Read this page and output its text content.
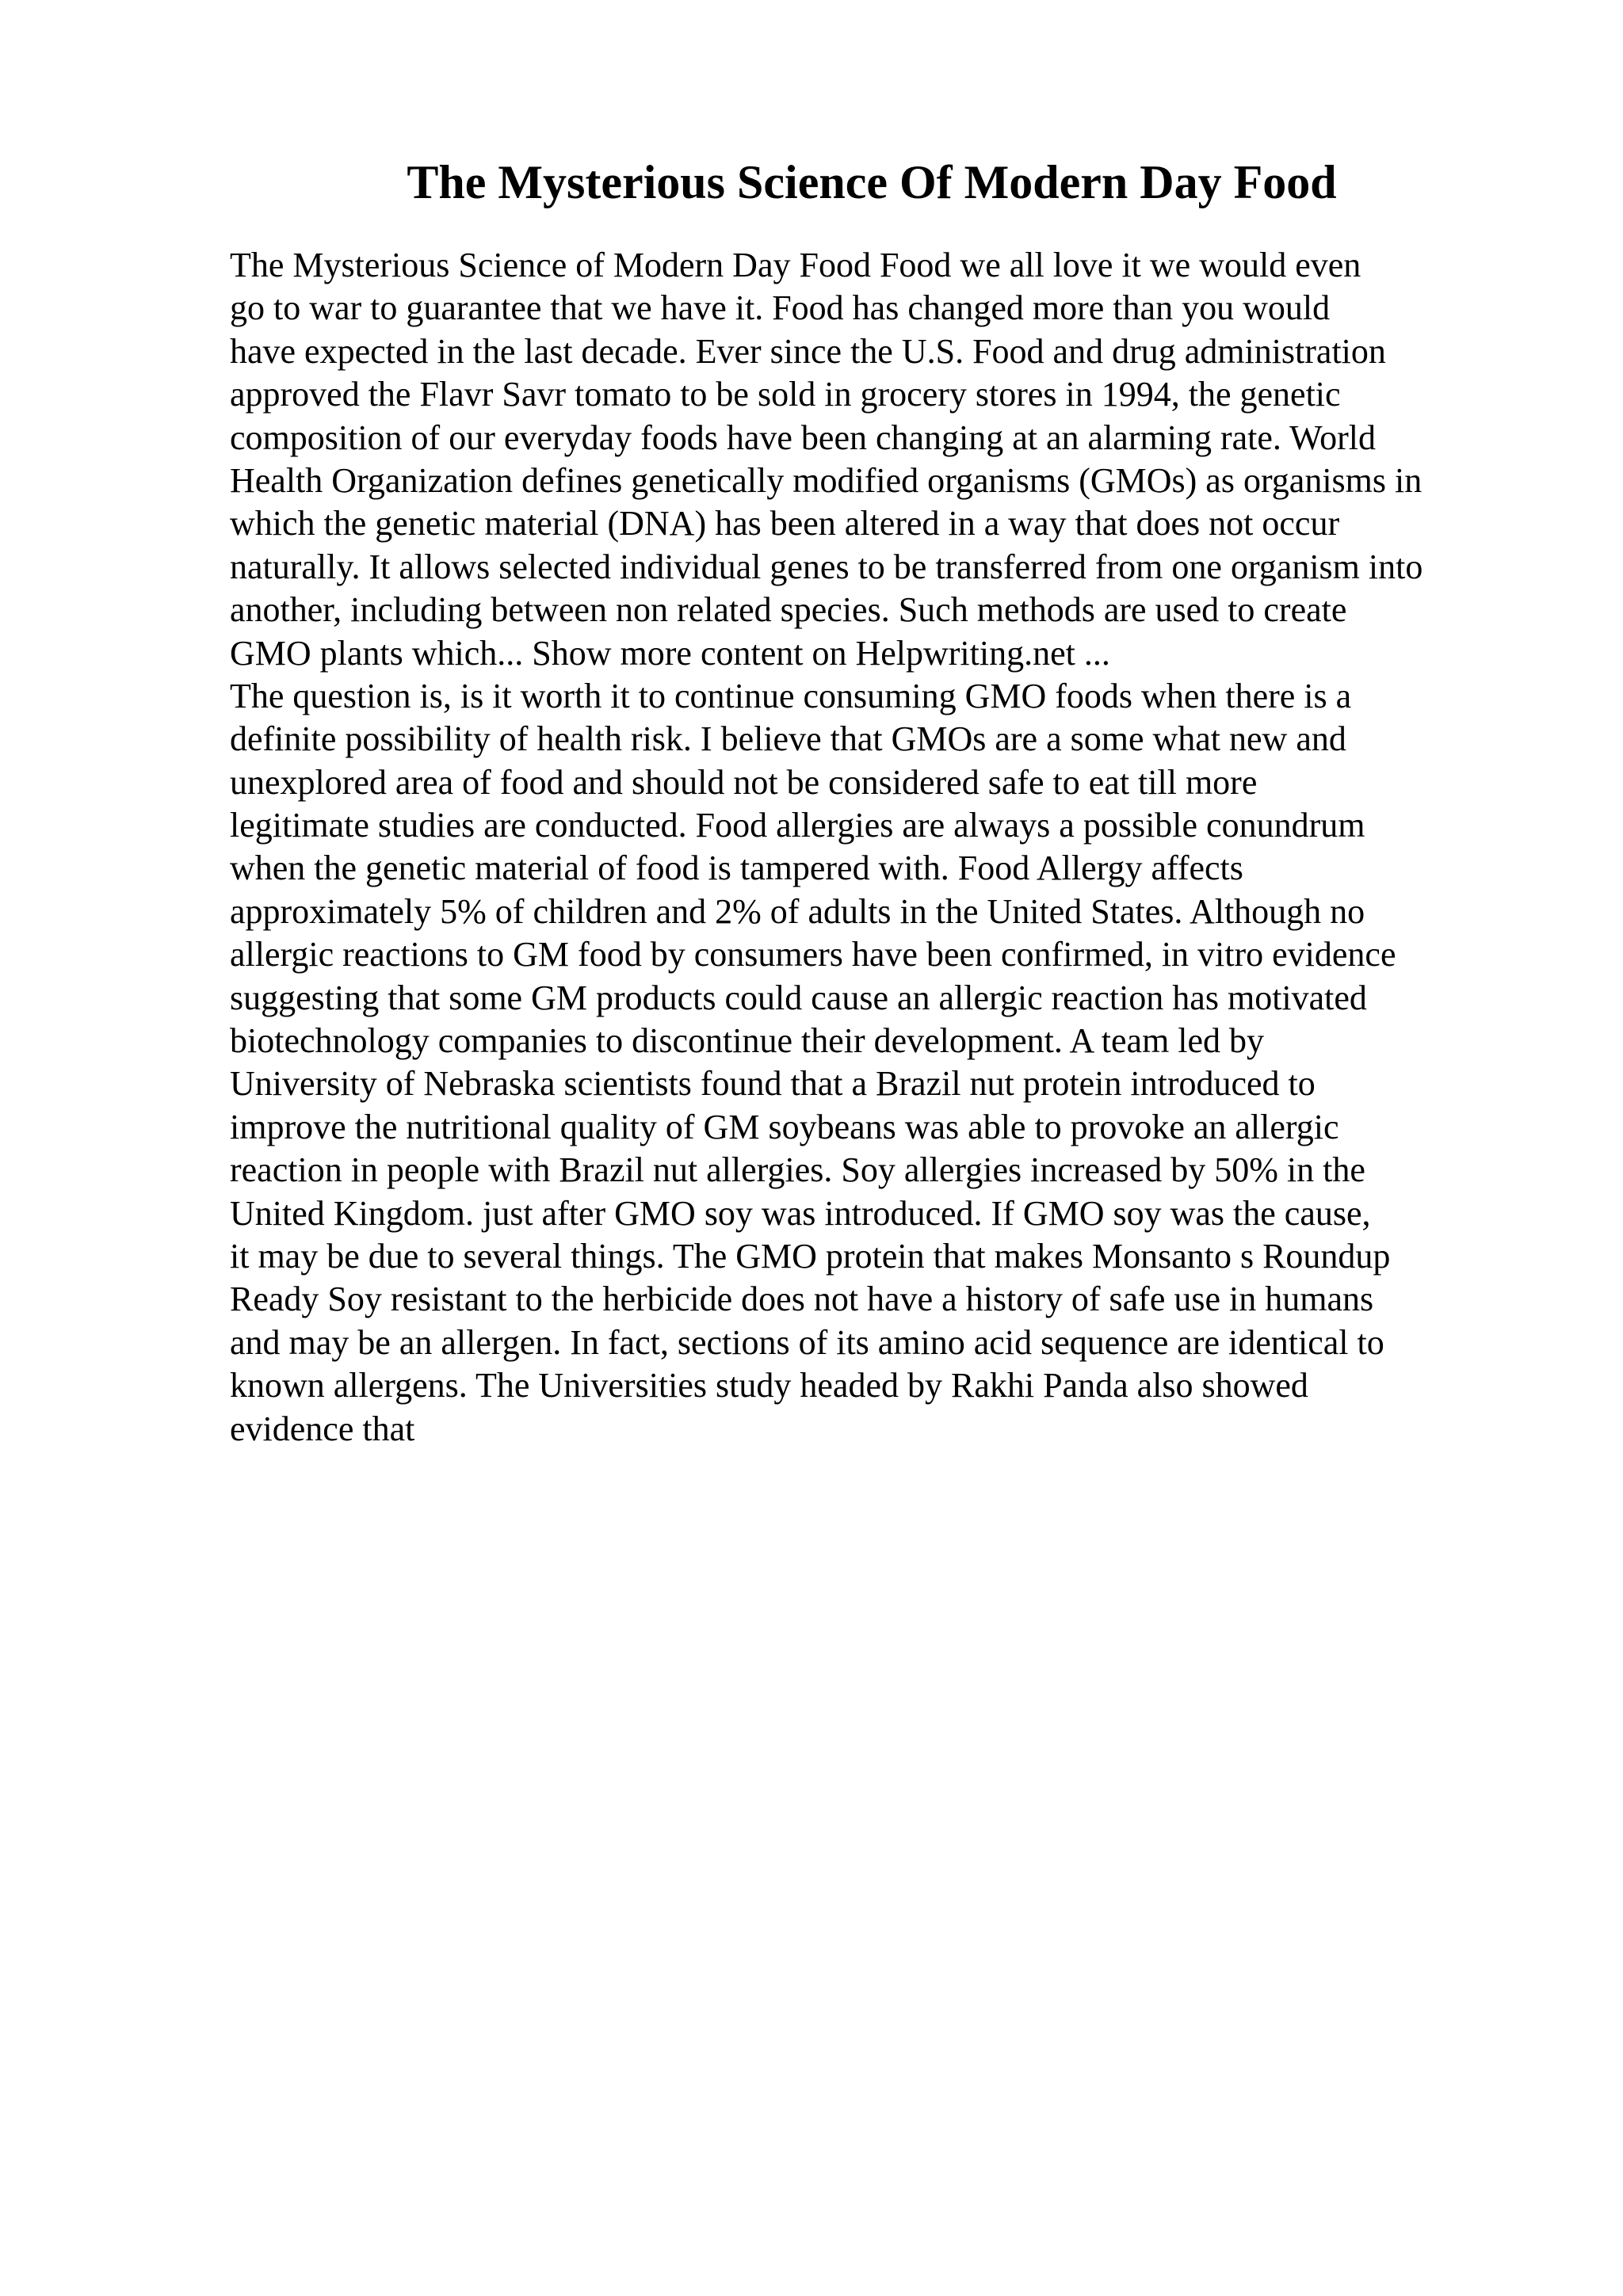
The Mysterious Science Of Modern Day Food
The Mysterious Science of Modern Day Food Food we all love it we would even
go to war to guarantee that we have it. Food has changed more than you would
have expected in the last decade. Ever since the U.S. Food and drug administration
approved the Flavr Savr tomato to be sold in grocery stores in 1994, the genetic
composition of our everyday foods have been changing at an alarming rate. World
Health Organization defines genetically modified organisms (GMOs) as organisms in
which the genetic material (DNA) has been altered in a way that does not occur
naturally. It allows selected individual genes to be transferred from one organism into
another, including between non related species. Such methods are used to create
GMO plants which... Show more content on Helpwriting.net ...
The question is, is it worth it to continue consuming GMO foods when there is a
definite possibility of health risk. I believe that GMOs are a some what new and
unexplored area of food and should not be considered safe to eat till more
legitimate studies are conducted. Food allergies are always a possible conundrum
when the genetic material of food is tampered with. Food Allergy affects
approximately 5% of children and 2% of adults in the United States. Although no
allergic reactions to GM food by consumers have been confirmed, in vitro evidence
suggesting that some GM products could cause an allergic reaction has motivated
biotechnology companies to discontinue their development. A team led by
University of Nebraska scientists found that a Brazil nut protein introduced to
improve the nutritional quality of GM soybeans was able to provoke an allergic
reaction in people with Brazil nut allergies. Soy allergies increased by 50% in the
United Kingdom. just after GMO soy was introduced. If GMO soy was the cause,
it may be due to several things. The GMO protein that makes Monsanto s Roundup
Ready Soy resistant to the herbicide does not have a history of safe use in humans
and may be an allergen. In fact, sections of its amino acid sequence are identical to
known allergens. The Universities study headed by Rakhi Panda also showed
evidence that
